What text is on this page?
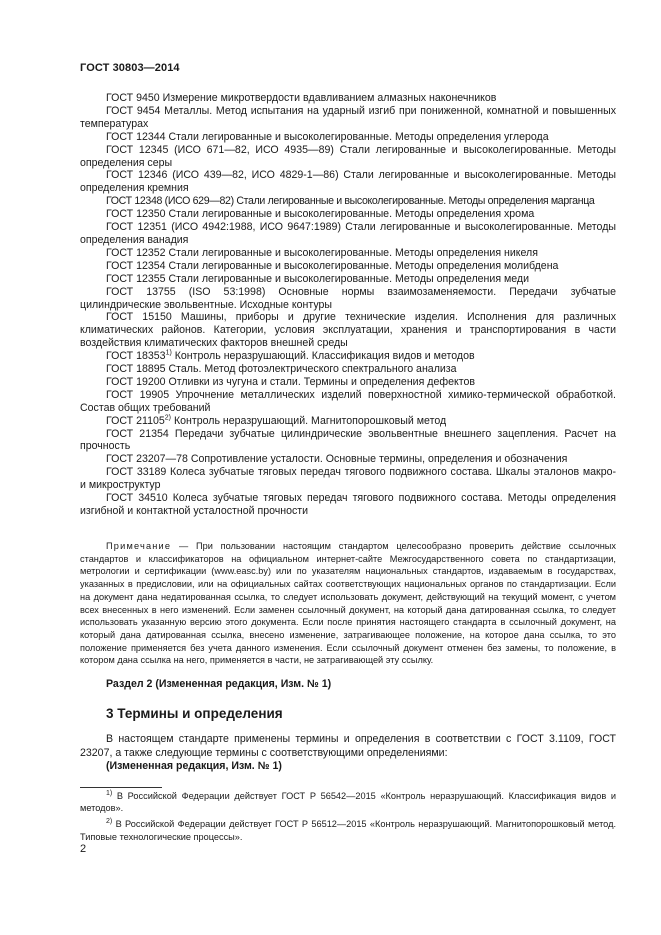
ГОСТ 30803—2014

ГОСТ 9450 Измерение микротвердости вдавливанием алмазных наконечников

ГОСТ 9454 Металлы. Метод испытания на ударный изгиб при пониженной, комнатной и повышенных температурах

ГОСТ 12344 Стали легированные и высоколегированные. Методы определения углерода

ГОСТ 12345 (ИСО 671—82, ИСО 4935—89) Стали легированные и высоколегированные. Методы определения серы

ГОСТ 12346 (ИСО 439—82, ИСО 4829-1—86) Стали легированные и высоколегированные. Методы определения кремния

ГОСТ 12348 (ИСО 629—82) Стали легированные и высоколегированные. Методы определения марганца

ГОСТ 12350 Стали легированные и высоколегированные. Методы определения хрома

ГОСТ 12351 (ИСО 4942:1988, ИСО 9647:1989) Стали легированные и высоколегированные. Методы определения ванадия

ГОСТ 12352 Стали легированные и высоколегированные. Методы определения никеля

ГОСТ 12354 Стали легированные и высоколегированные. Методы определения молибдена

ГОСТ 12355 Стали легированные и высоколегированные. Методы определения меди

ГОСТ 13755 (ISO 53:1998) Основные нормы взаимозаменяемости. Передачи зубчатые цилиндрические эвольвентные. Исходные контуры

ГОСТ 15150 Машины, приборы и другие технические изделия. Исполнения для различных климатических районов. Категории, условия эксплуатации, хранения и транспортирования в части воздействия климатических факторов внешней среды

ГОСТ 18353$^{1)}$ Контроль неразрушающий. Классификация видов и методов

ГОСТ 18895 Сталь. Метод фотоэлектрического спектрального анализа

ГОСТ 19200 Отливки из чугуна и стали. Термины и определения дефектов

ГОСТ 19905 Упрочнение металлических изделий поверхностной химико-термической обработкой. Состав общих требований

ГОСТ 21105$^{2)}$ Контроль неразрушающий. Магнитопорошковый метод

ГОСТ 21354 Передачи зубчатые цилиндрические эвольвентные внешнего зацепления. Расчет на прочность

ГОСТ 23207—78 Сопротивление усталости. Основные термины, определения и обозначения

ГОСТ 33189 Колеса зубчатые тяговых передач тягового подвижного состава. Шкалы эталонов макро- и микроструктур

ГОСТ 34510 Колеса зубчатые тяговых передач тягового подвижного состава. Методы определения изгибной и контактной усталостной прочности

Примечание — При пользовании настоящим стандартом целесообразно проверить действие ссылочных стандартов и классификаторов на официальном интернет-сайте Межгосударственного совета по стандартизации, метрологии и сертификации (www.easc.by) или по указателям национальных стандартов, издаваемым в государствах, указанных в предисловии, или на официальных сайтах соответствующих национальных органов по стандартизации. Если на документ дана недатированная ссылка, то следует использовать документ, действующий на текущий момент, с учетом всех внесенных в него изменений. Если заменен ссылочный документ, на который дана датированная ссылка, то следует использовать указанную версию этого документа. Если после принятия настоящего стандарта в ссылочный документ, на который дана датированная ссылка, внесено изменение, затрагивающее положение, на которое дана ссылка, то это положение применяется без учета данного изменения. Если ссылочный документ отменен без замены, то положение, в котором дана ссылка на него, применяется в части, не затрагивающей эту ссылку.

Раздел 2 (Измененная редакция, Изм. № 1)

3 Термины и определения

В настоящем стандарте применены термины и определения в соответствии с ГОСТ 3.1109, ГОСТ 23207, а также следующие термины с соответствующими определениями:

(Измененная редакция, Изм. № 1)

$^{1)}$ В Российской Федерации действует ГОСТ Р 56542—2015 «Контроль неразрушающий. Классификация видов и методов».

$^{2)}$ В Российской Федерации действует ГОСТ Р 56512—2015 «Контроль неразрушающий. Магнитопорошковый метод. Типовые технологические процессы».

2
